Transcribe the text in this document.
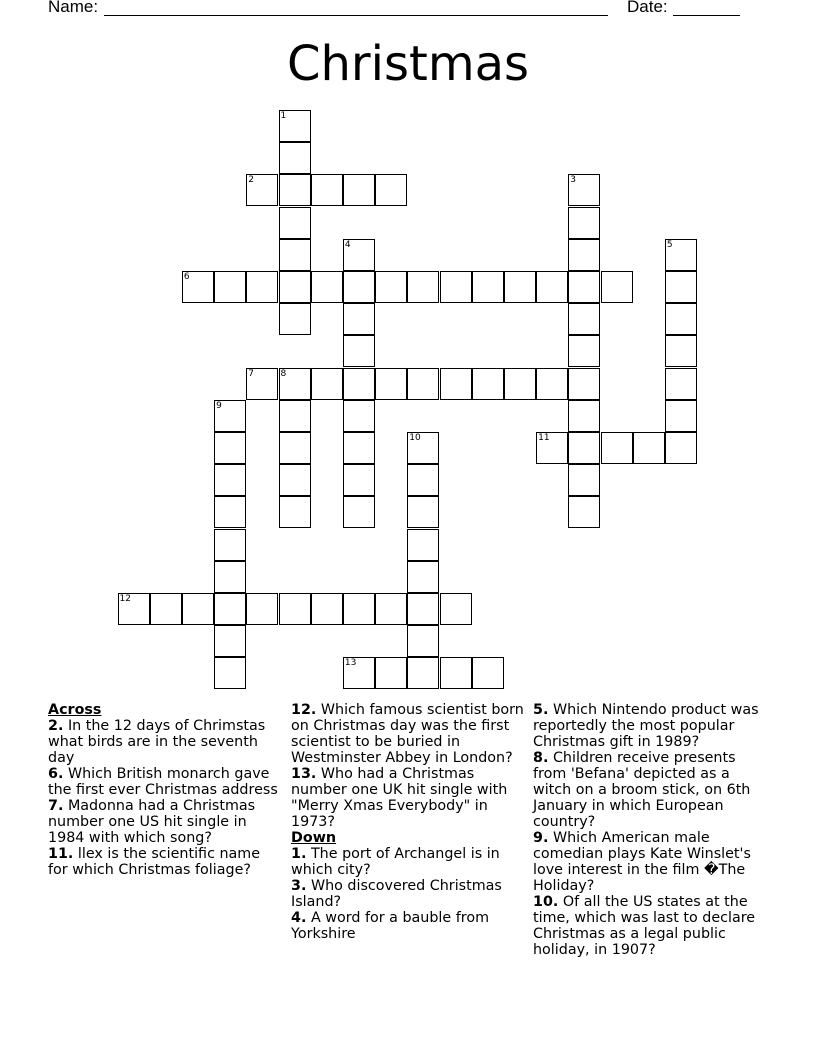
Name:	Date:
Christmas
1
2	3
4	5
6
7	8
9
10	11
12
13
Across
2. In the 12 days of Chrimstas what birds are in the seventh day
6. Which British monarch gave the first ever Christmas address
7. Madonna had a Christmas number one US hit single in 1984 with which song?
11. llex is the scientific name for which Christmas foliage?
12. Which famous scientist born on Christmas day was the first scientist to be buried in Westminster Abbey in London?
13. Who had a Christmas number one UK hit single with "Merry Xmas Everybody" in 1973?
Down
1. The port of Archangel is in which city?
3. Who discovered Christmas Island?
4. A word for a bauble from Yorkshire
5. Which Nintendo product was reportedly the most popular Christmas gift in 1989?
8. Children receive presents from 'Befana' depicted as a witch on a broom stick, on 6th January in which European country?
9. Which American male comedian plays Kate Winslet's love interest in the film �The Holiday?
10. Of all the US states at the time, which was last to declare Christmas as a legal public holiday, in 1907?
